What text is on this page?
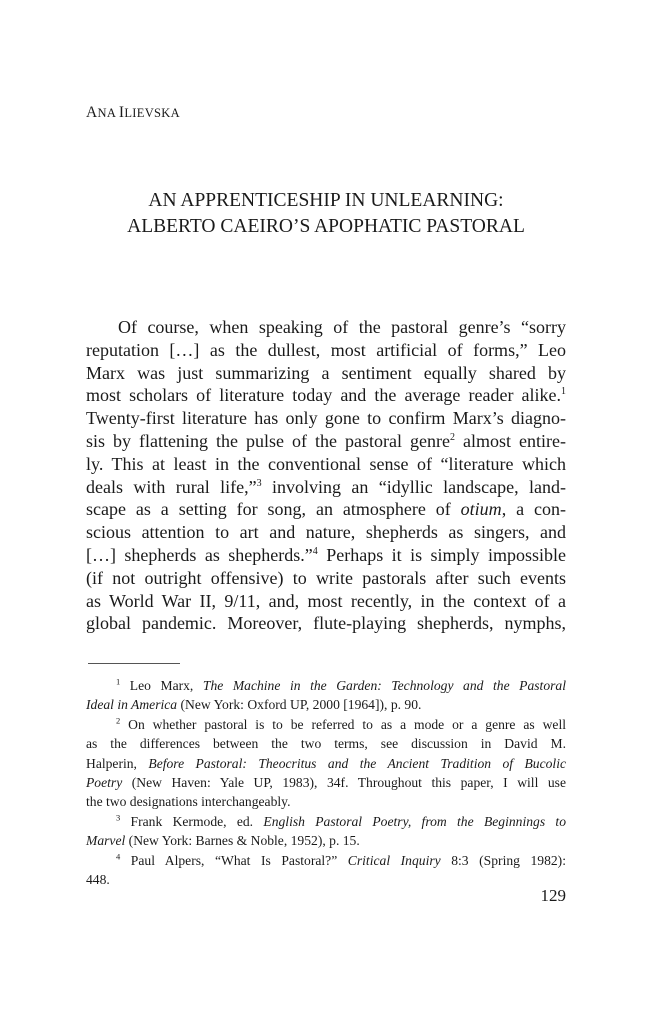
ANA ILIEVSKA
AN APPRENTICESHIP IN UNLEARNING:
ALBERTO CAEIRO’S APOPHATIC PASTORAL
Of course, when speaking of the pastoral genre’s “sorry
reputation […] as the dullest, most artificial of forms,” Leo
Marx was just summarizing a sentiment equally shared by
most scholars of literature today and the average reader alike.$^1$
Twenty-first literature has only gone to confirm Marx’s diagno-
sis by flattening the pulse of the pastoral genre$^2$ almost entire-
ly. This at least in the conventional sense of “literature which
deals with rural life,”$^3$ involving an “idyllic landscape, land-
scape as a setting for song, an atmosphere of otium, a con-
scious attention to art and nature, shepherds as singers, and
[…] shepherds as shepherds.”$^4$ Perhaps it is simply impossible
(if not outright offensive) to write pastorals after such events
as World War II, 9/11, and, most recently, in the context of a
global pandemic. Moreover, flute-playing shepherds, nymphs,
$^1$ Leo Marx, The Machine in the Garden: Technology and the Pastoral
Ideal in America (New York: Oxford UP, 2000 [1964]), p. 90.
$^2$ On whether pastoral is to be referred to as a mode or a genre as well
as the differences between the two terms, see discussion in David M.
Halperin, Before Pastoral: Theocritus and the Ancient Tradition of Bucolic
Poetry (New Haven: Yale UP, 1983), 34f. Throughout this paper, I will use
the two designations interchangeably.
$^3$ Frank Kermode, ed. English Pastoral Poetry, from the Beginnings to
Marvel (New York: Barnes & Noble, 1952), p. 15.
$^4$ Paul Alpers, “What Is Pastoral?” Critical Inquiry 8:3 (Spring 1982):
448.
129
